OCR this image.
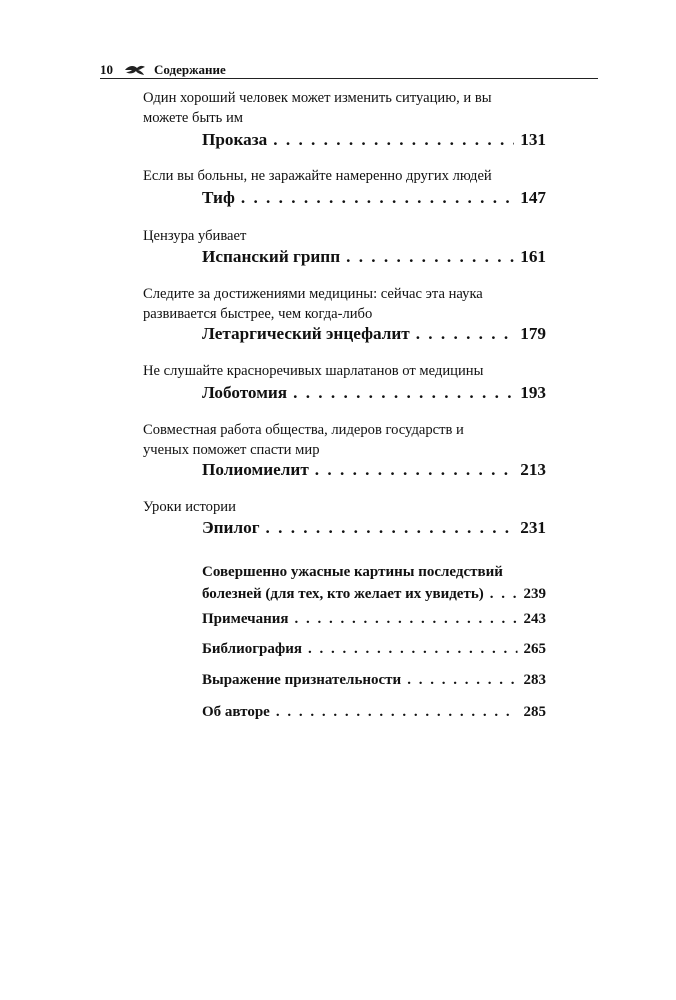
10	Содержание
Один хороший человек может изменить ситуацию, и вы можете быть им
Проказа . . .	131
Если вы больны, не заражайте намеренно других людей
Тиф . . .	147
Цензура убивает
Испанский грипп . . .	161
Следите за достижениями медицины: сейчас эта наука развивается быстрее, чем когда-либо
Летаргический энцефалит . . .	179
Не слушайте красноречивых шарлатанов от медицины
Лоботомия . . .	193
Совместная работа общества, лидеров государств и ученых поможет спасти мир
Полиомиелит . . .	213
Уроки истории
Эпилог . . .	231
Совершенно ужасные картины последствий
болезней (для тех, кто желает их увидеть) . . .	239
Примечания . . .	243
Библиография . . .	265
Выражение признательности . . .	283
Об авторе . . .	285
